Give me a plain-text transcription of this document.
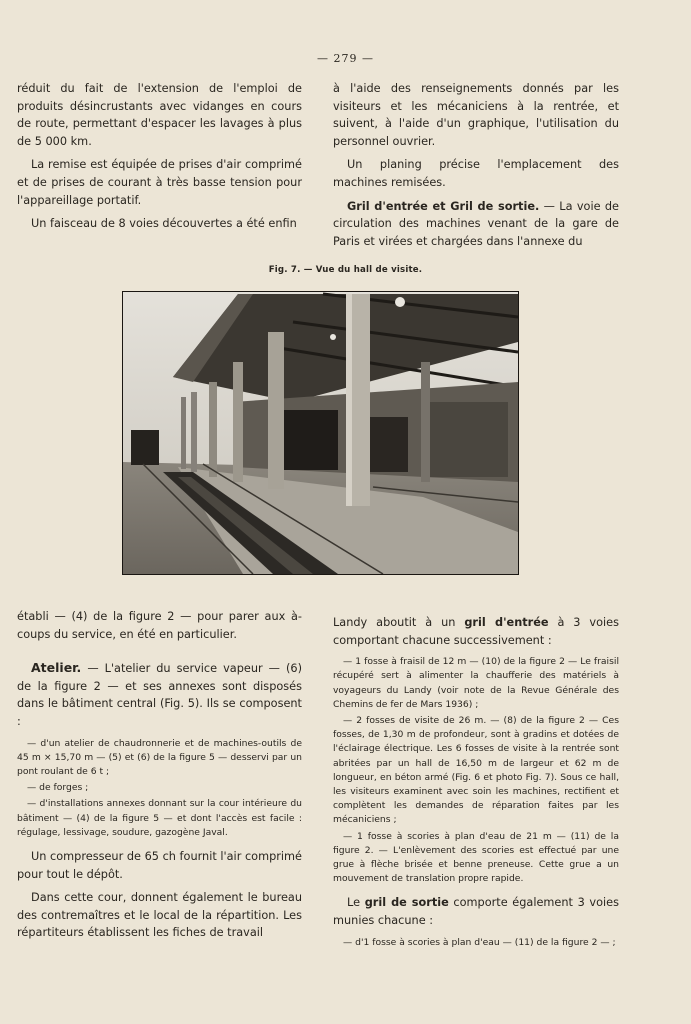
— 279 —

réduit du fait de l'extension de l'emploi de produits désincrustants avec vidanges en cours de route, permettant d'espacer les lavages à plus de 5 000 km.

La remise est équipée de prises d'air comprimé et de prises de courant à très basse tension pour l'appareillage portatif.

Un faisceau de 8 voies découvertes a été enfin

à l'aide des renseignements donnés par les visiteurs et les mécaniciens à la rentrée, et suivent, à l'aide d'un graphique, l'utilisation du personnel ouvrier.

Un planing précise l'emplacement des machines remisées.

Gril d'entrée et Gril de sortie. — La voie de circulation des machines venant de la gare de Paris et virées et chargées dans l'annexe du

Fig. 7. — Vue du hall de visite.

établi — (4) de la figure 2 — pour parer aux à-coups du service, en été en particulier.

Atelier. — L'atelier du service vapeur — (6) de la figure 2 — et ses annexes sont disposés dans le bâtiment central (Fig. 5). Ils se composent :

— d'un atelier de chaudronnerie et de machines-outils de 45 m × 15,70 m — (5) et (6) de la figure 5 — desservi par un pont roulant de 6 t ;

— de forges ;

— d'installations annexes donnant sur la cour intérieure du bâtiment — (4) de la figure 5 — et dont l'accès est facile : régulage, lessivage, soudure, gazogène Javal.

Un compresseur de 65 ch fournit l'air comprimé pour tout le dépôt.

Dans cette cour, donnent également le bureau des contremaîtres et le local de la répartition. Les répartiteurs établissent les fiches de travail

Landy aboutit à un gril d'entrée à 3 voies comportant chacune successivement :

— 1 fosse à fraisil de 12 m — (10) de la figure 2 — Le fraisil récupéré sert à alimenter la chaufferie des matériels à voyageurs du Landy (voir note de la Revue Générale des Chemins de fer de Mars 1936) ;

— 2 fosses de visite de 26 m. — (8) de la figure 2 — Ces fosses, de 1,30 m de profondeur, sont à gradins et dotées de l'éclairage électrique. Les 6 fosses de visite à la rentrée sont abritées par un hall de 16,50 m de largeur et 62 m de longueur, en béton armé (Fig. 6 et photo Fig. 7). Sous ce hall, les visiteurs examinent avec soin les machines, rectifient et complètent les demandes de réparation faites par les mécaniciens ;

— 1 fosse à scories à plan d'eau de 21 m — (11) de la figure 2. — L'enlèvement des scories est effectué par une grue à flèche brisée et benne preneuse. Cette grue a un mouvement de translation propre rapide.

Le gril de sortie comporte également 3 voies munies chacune :

— d'1 fosse à scories à plan d'eau — (11) de la figure 2 — ;
